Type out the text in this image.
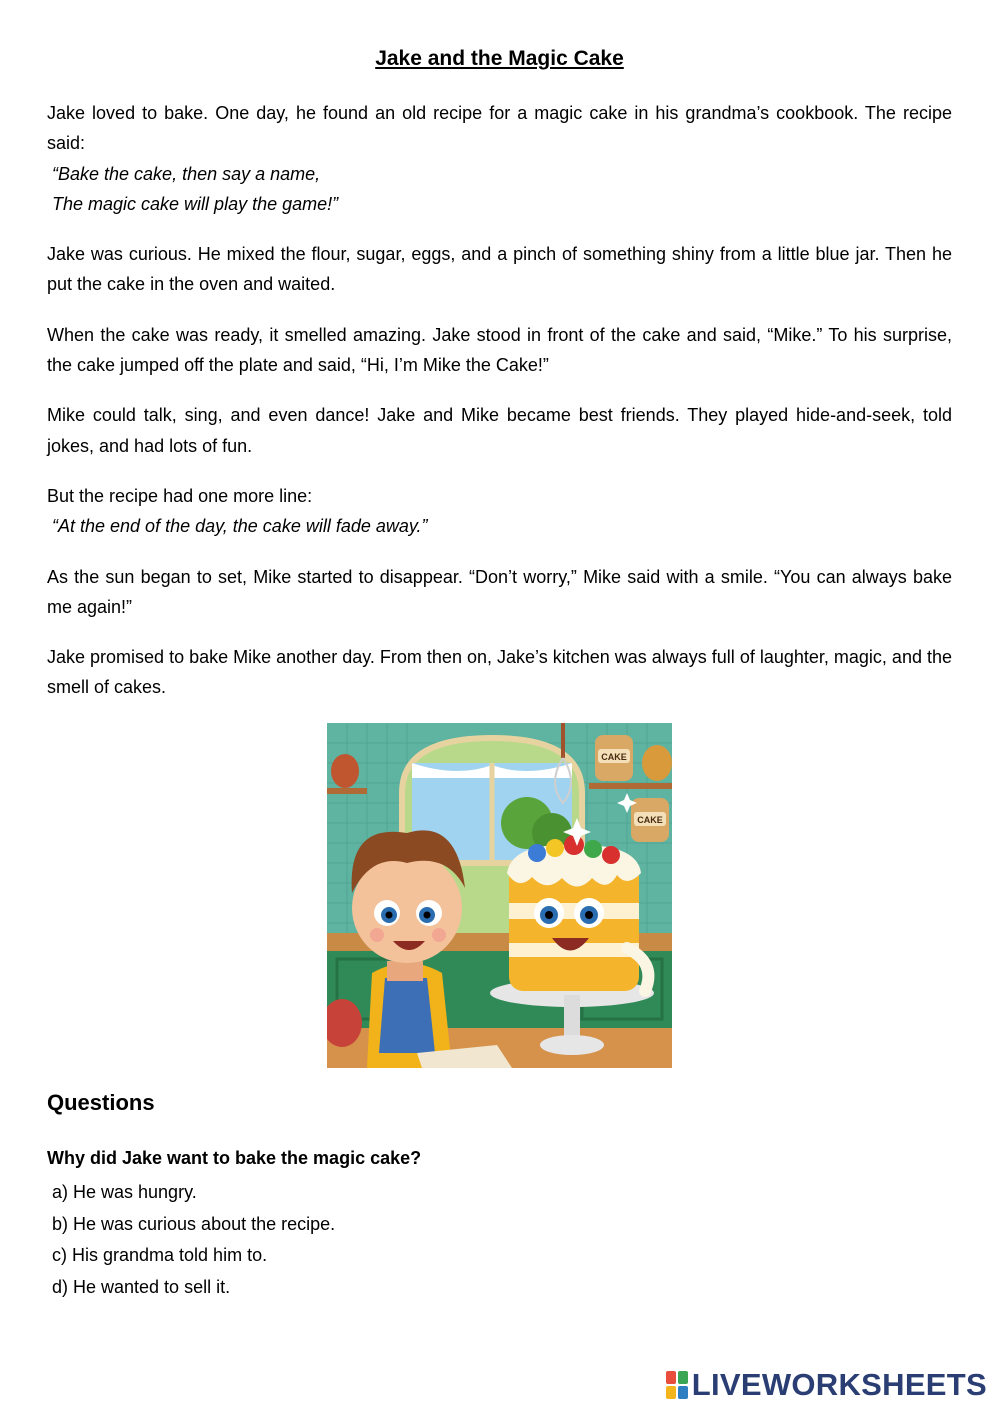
Jake and the Magic Cake

Jake loved to bake. One day, he found an old recipe for a magic cake in his grandma’s cookbook. The recipe said:
“Bake the cake, then say a name,
The magic cake will play the game!”

Jake was curious. He mixed the flour, sugar, eggs, and a pinch of something shiny from a little blue jar. Then he put the cake in the oven and waited.

When the cake was ready, it smelled amazing. Jake stood in front of the cake and said, “Mike.” To his surprise, the cake jumped off the plate and said, “Hi, I’m Mike the Cake!”

Mike could talk, sing, and even dance! Jake and Mike became best friends. They played hide-and-seek, told jokes, and had lots of fun.

But the recipe had one more line:
“At the end of the day, the cake will fade away.”

As the sun began to set, Mike started to disappear. “Don’t worry,” Mike said with a smile. “You can always bake me again!”

Jake promised to bake Mike another day. From then on, Jake’s kitchen was always full of laughter, magic, and the smell of cakes.

CAKE
CAKE
Questions

Why did Jake want to bake the magic cake?

a) He was hungry.
b) He was curious about the recipe.
c) His grandma told him to.
d) He wanted to sell it.
LIVEWORKSHEETS
